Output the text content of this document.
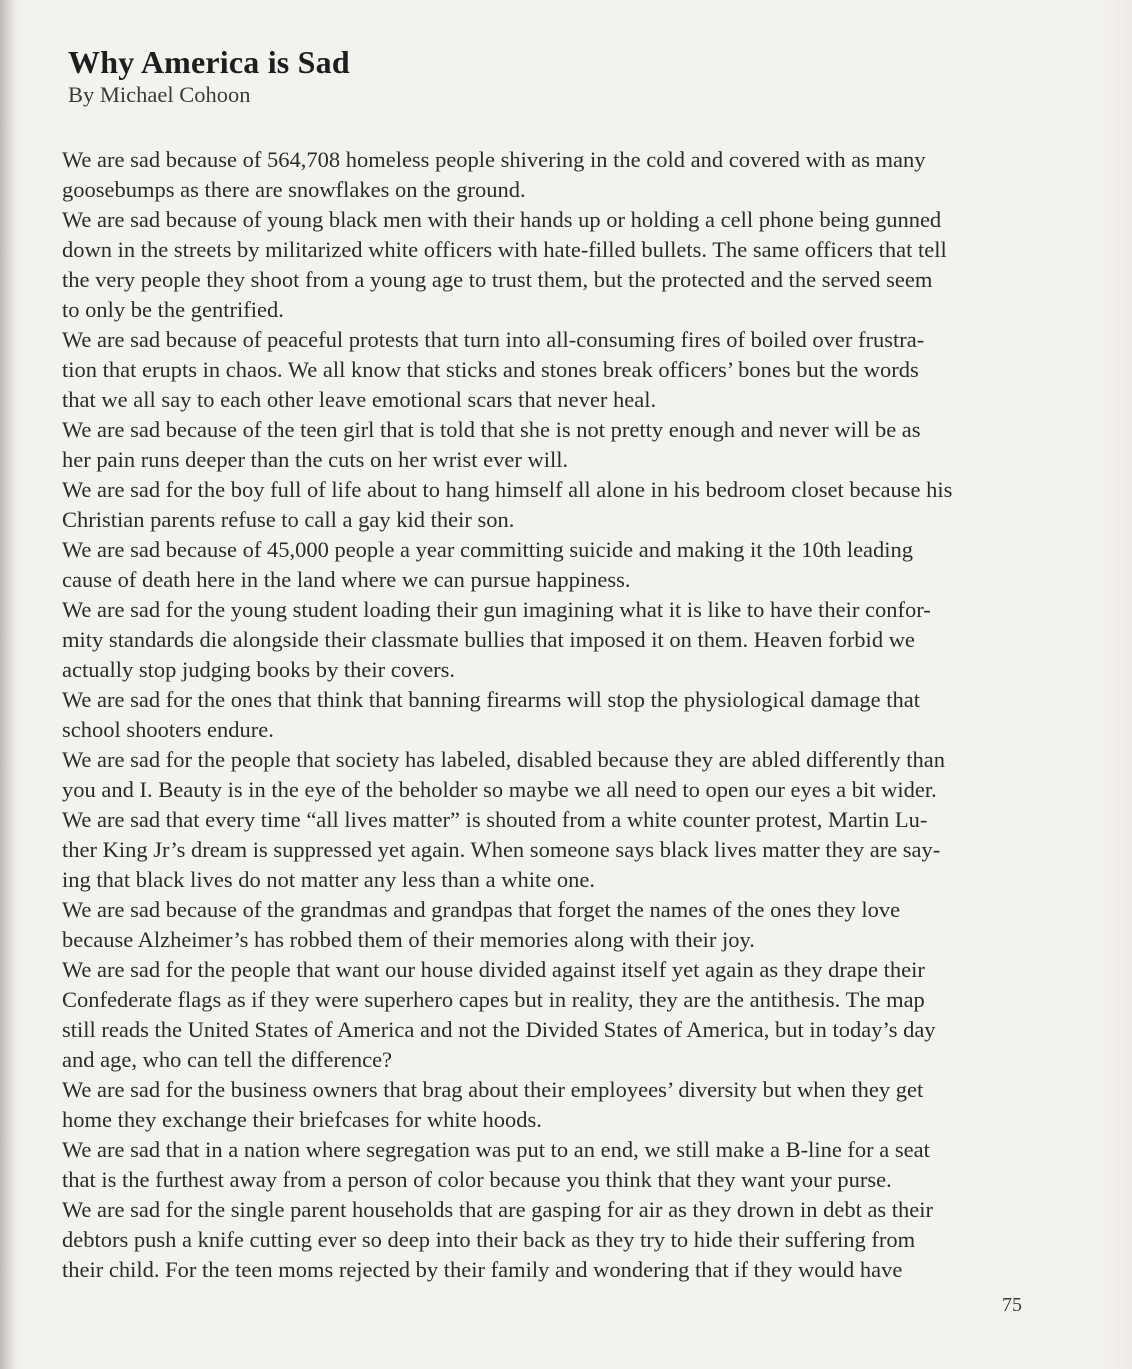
Why America is Sad

By Michael Cohoon

We are sad because of 564,708 homeless people shivering in the cold and covered with as many
goosebumps as there are snowflakes on the ground.
We are sad because of young black men with their hands up or holding a cell phone being gunned
down in the streets by militarized white officers with hate-filled bullets. The same officers that tell
the very people they shoot from a young age to trust them, but the protected and the served seem
to only be the gentrified.
We are sad because of peaceful protests that turn into all-consuming fires of boiled over frustra-
tion that erupts in chaos. We all know that sticks and stones break officers’ bones but the words
that we all say to each other leave emotional scars that never heal.
We are sad because of the teen girl that is told that she is not pretty enough and never will be as
her pain runs deeper than the cuts on her wrist ever will.
We are sad for the boy full of life about to hang himself all alone in his bedroom closet because his
Christian parents refuse to call a gay kid their son.
We are sad because of 45,000 people a year committing suicide and making it the 10th leading
cause of death here in the land where we can pursue happiness.
We are sad for the young student loading their gun imagining what it is like to have their confor-
mity standards die alongside their classmate bullies that imposed it on them. Heaven forbid we
actually stop judging books by their covers.
We are sad for the ones that think that banning firearms will stop the physiological damage that
school shooters endure.
We are sad for the people that society has labeled, disabled because they are abled differently than
you and I. Beauty is in the eye of the beholder so maybe we all need to open our eyes a bit wider.
We are sad that every time “all lives matter” is shouted from a white counter protest, Martin Lu-
ther King Jr’s dream is suppressed yet again. When someone says black lives matter they are say-
ing that black lives do not matter any less than a white one.
We are sad because of the grandmas and grandpas that forget the names of the ones they love
because Alzheimer’s has robbed them of their memories along with their joy.
We are sad for the people that want our house divided against itself yet again as they drape their
Confederate flags as if they were superhero capes but in reality, they are the antithesis. The map
still reads the United States of America and not the Divided States of America, but in today’s day
and age, who can tell the difference?
We are sad for the business owners that brag about their employees’ diversity but when they get
home they exchange their briefcases for white hoods.
We are sad that in a nation where segregation was put to an end, we still make a B-line for a seat
that is the furthest away from a person of color because you think that they want your purse.
We are sad for the single parent households that are gasping for air as they drown in debt as their
debtors push a knife cutting ever so deep into their back as they try to hide their suffering from
their child. For the teen moms rejected by their family and wondering that if they would have
75
